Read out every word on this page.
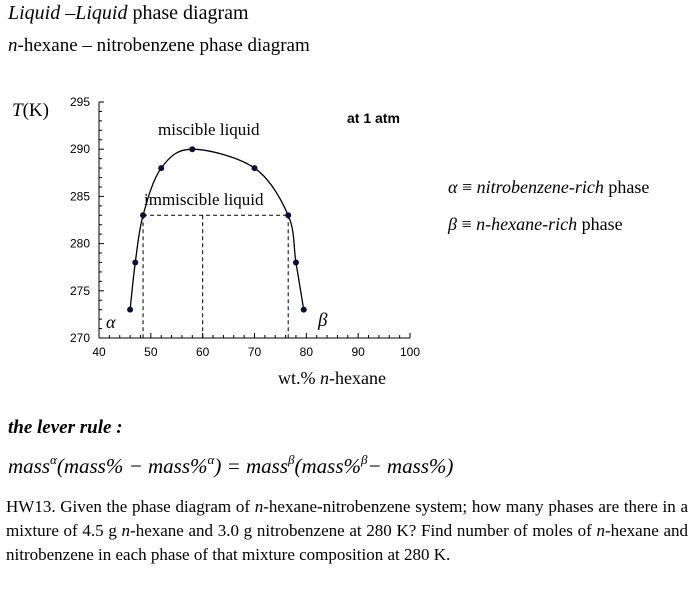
Liquid –Liquid phase diagram
n-hexane – nitrobenzene phase diagram
270
275
280
285
290
295
40	50	60	70	80	90	100
T(K)	at 1 atm
wt.% n-hexane
miscible liquid
immiscible liquid
α	β
α ≡ nitrobenzene-rich phase
β ≡ n-hexane-rich phase
the lever rule :
mass$^\alpha$(mass% − mass%$^\alpha$) = mass$^\beta$(mass%$^\beta$− mass%)
HW13. Given the phase diagram of n-hexane-nitrobenzene system; how many phases are there in a mixture of 4.5 g n-hexane and 3.0 g nitrobenzene at 280 K? Find number of moles of n-hexane and nitrobenzene in each phase of that mixture composition at 280 K.
